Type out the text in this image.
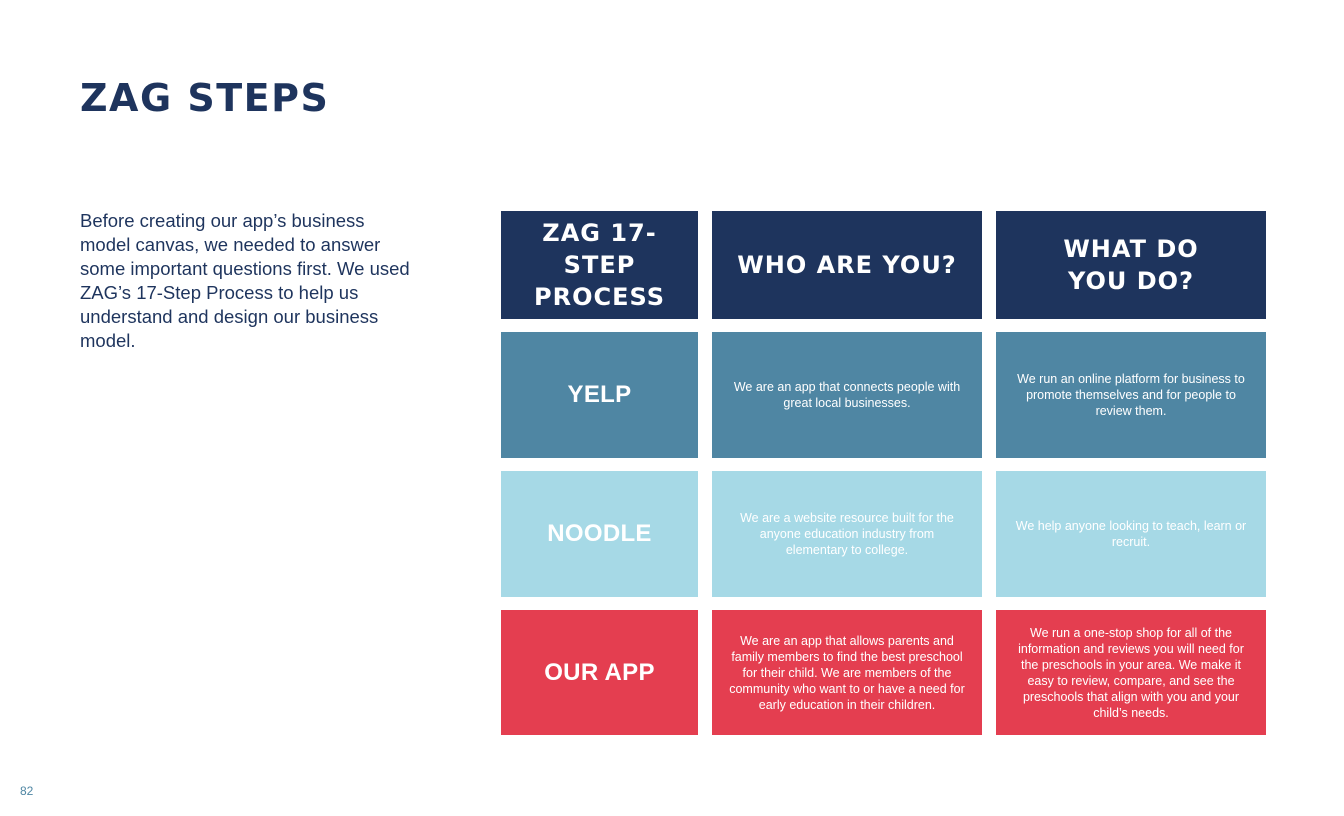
ZAG STEPS

Before creating our app’s business model canvas, we needed to answer some important questions first. We used ZAG’s 17-Step Process to help us understand and design our business model.

ZAG 17-STEP PROCESS
WHO ARE YOU?
WHAT DO YOU DO?
YELP	We are an app that connects people with great local businesses.
We run an online platform for business to promote themselves and for people to review them.
NOODLE
We are a website resource built for the anyone education industry from elementary to college.
We help anyone looking to teach, learn or recruit.
OUR APP
We are an app that allows parents and family members to find the best preschool for their child. We are members of the community who want to or have a need for early education in their children.
We run a one-stop shop for all of the information and reviews you will need for the preschools in your area. We make it easy to review, compare, and see the preschools that align with you and your child’s needs.

82
